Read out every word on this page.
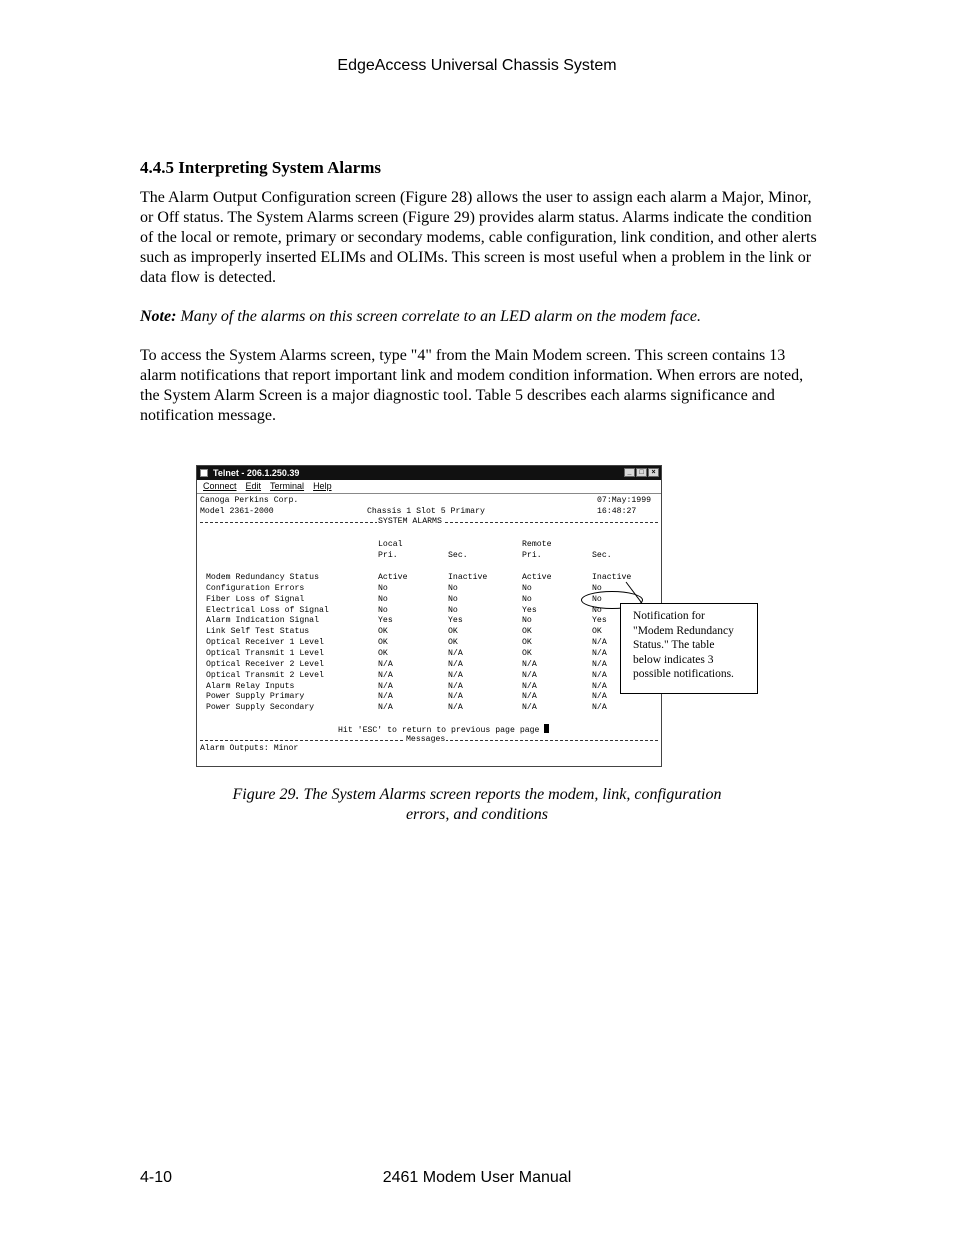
EdgeAccess Universal Chassis System
4.4.5 Interpreting System Alarms
The Alarm Output Configuration screen (Figure 28) allows the user to assign each alarm a Major, Minor, or Off status. The System Alarms screen (Figure 29) provides alarm status. Alarms indicate the condition of the local or remote, primary or secondary modems, cable configuration, link condition, and other alerts such as improperly inserted ELIMs and OLIMs. This screen is most useful when a problem in the link or data flow is detected.
Note: Many of the alarms on this screen correlate to an LED alarm on the modem face.
To access the System Alarms screen, type "4" from the Main Modem screen. This screen contains 13 alarm notifications that report important link and modem condition information. When errors are noted, the System Alarm Screen is a major diagnostic tool. Table 5 describes each alarms significance and notification message.
Telnet - 206.1.250.39	_	□	×
Connect Edit Terminal Help
Canoga Perkins Corp.	07:May:1999
Model 2361-2000	Chassis 1 Slot 5 Primary	16:48:27
SYSTEM ALARMS
Local	Remote
Pri.	Sec.	Pri.	Sec.
Modem Redundancy Status	Active	Inactive	Active	Inactive
Configuration Errors	No	No	No	No
Fiber Loss of Signal	No	No	No	No
Electrical Loss of Signal	No	No	Yes	No
Alarm Indication Signal	Yes	Yes	No	Yes
Link Self Test Status	OK	OK	OK	OK
Optical Receiver 1 Level	OK	OK	OK	N/A
Optical Transmit 1 Level	OK	N/A	OK	N/A
Optical Receiver 2 Level	N/A	N/A	N/A	N/A
Optical Transmit 2 Level	N/A	N/A	N/A	N/A
Alarm Relay Inputs	N/A	N/A	N/A	N/A
Power Supply Primary	N/A	N/A	N/A	N/A
Power Supply Secondary	N/A	N/A	N/A	N/A
Hit 'ESC' to return to previous page page
Messages
Alarm Outputs: Minor
Notification for
"Modem Redundancy
Status." The table
below indicates 3
possible notifications.
Figure 29. The System Alarms screen reports the modem, link, configuration
errors, and conditions
4-10	2461 Modem User Manual
